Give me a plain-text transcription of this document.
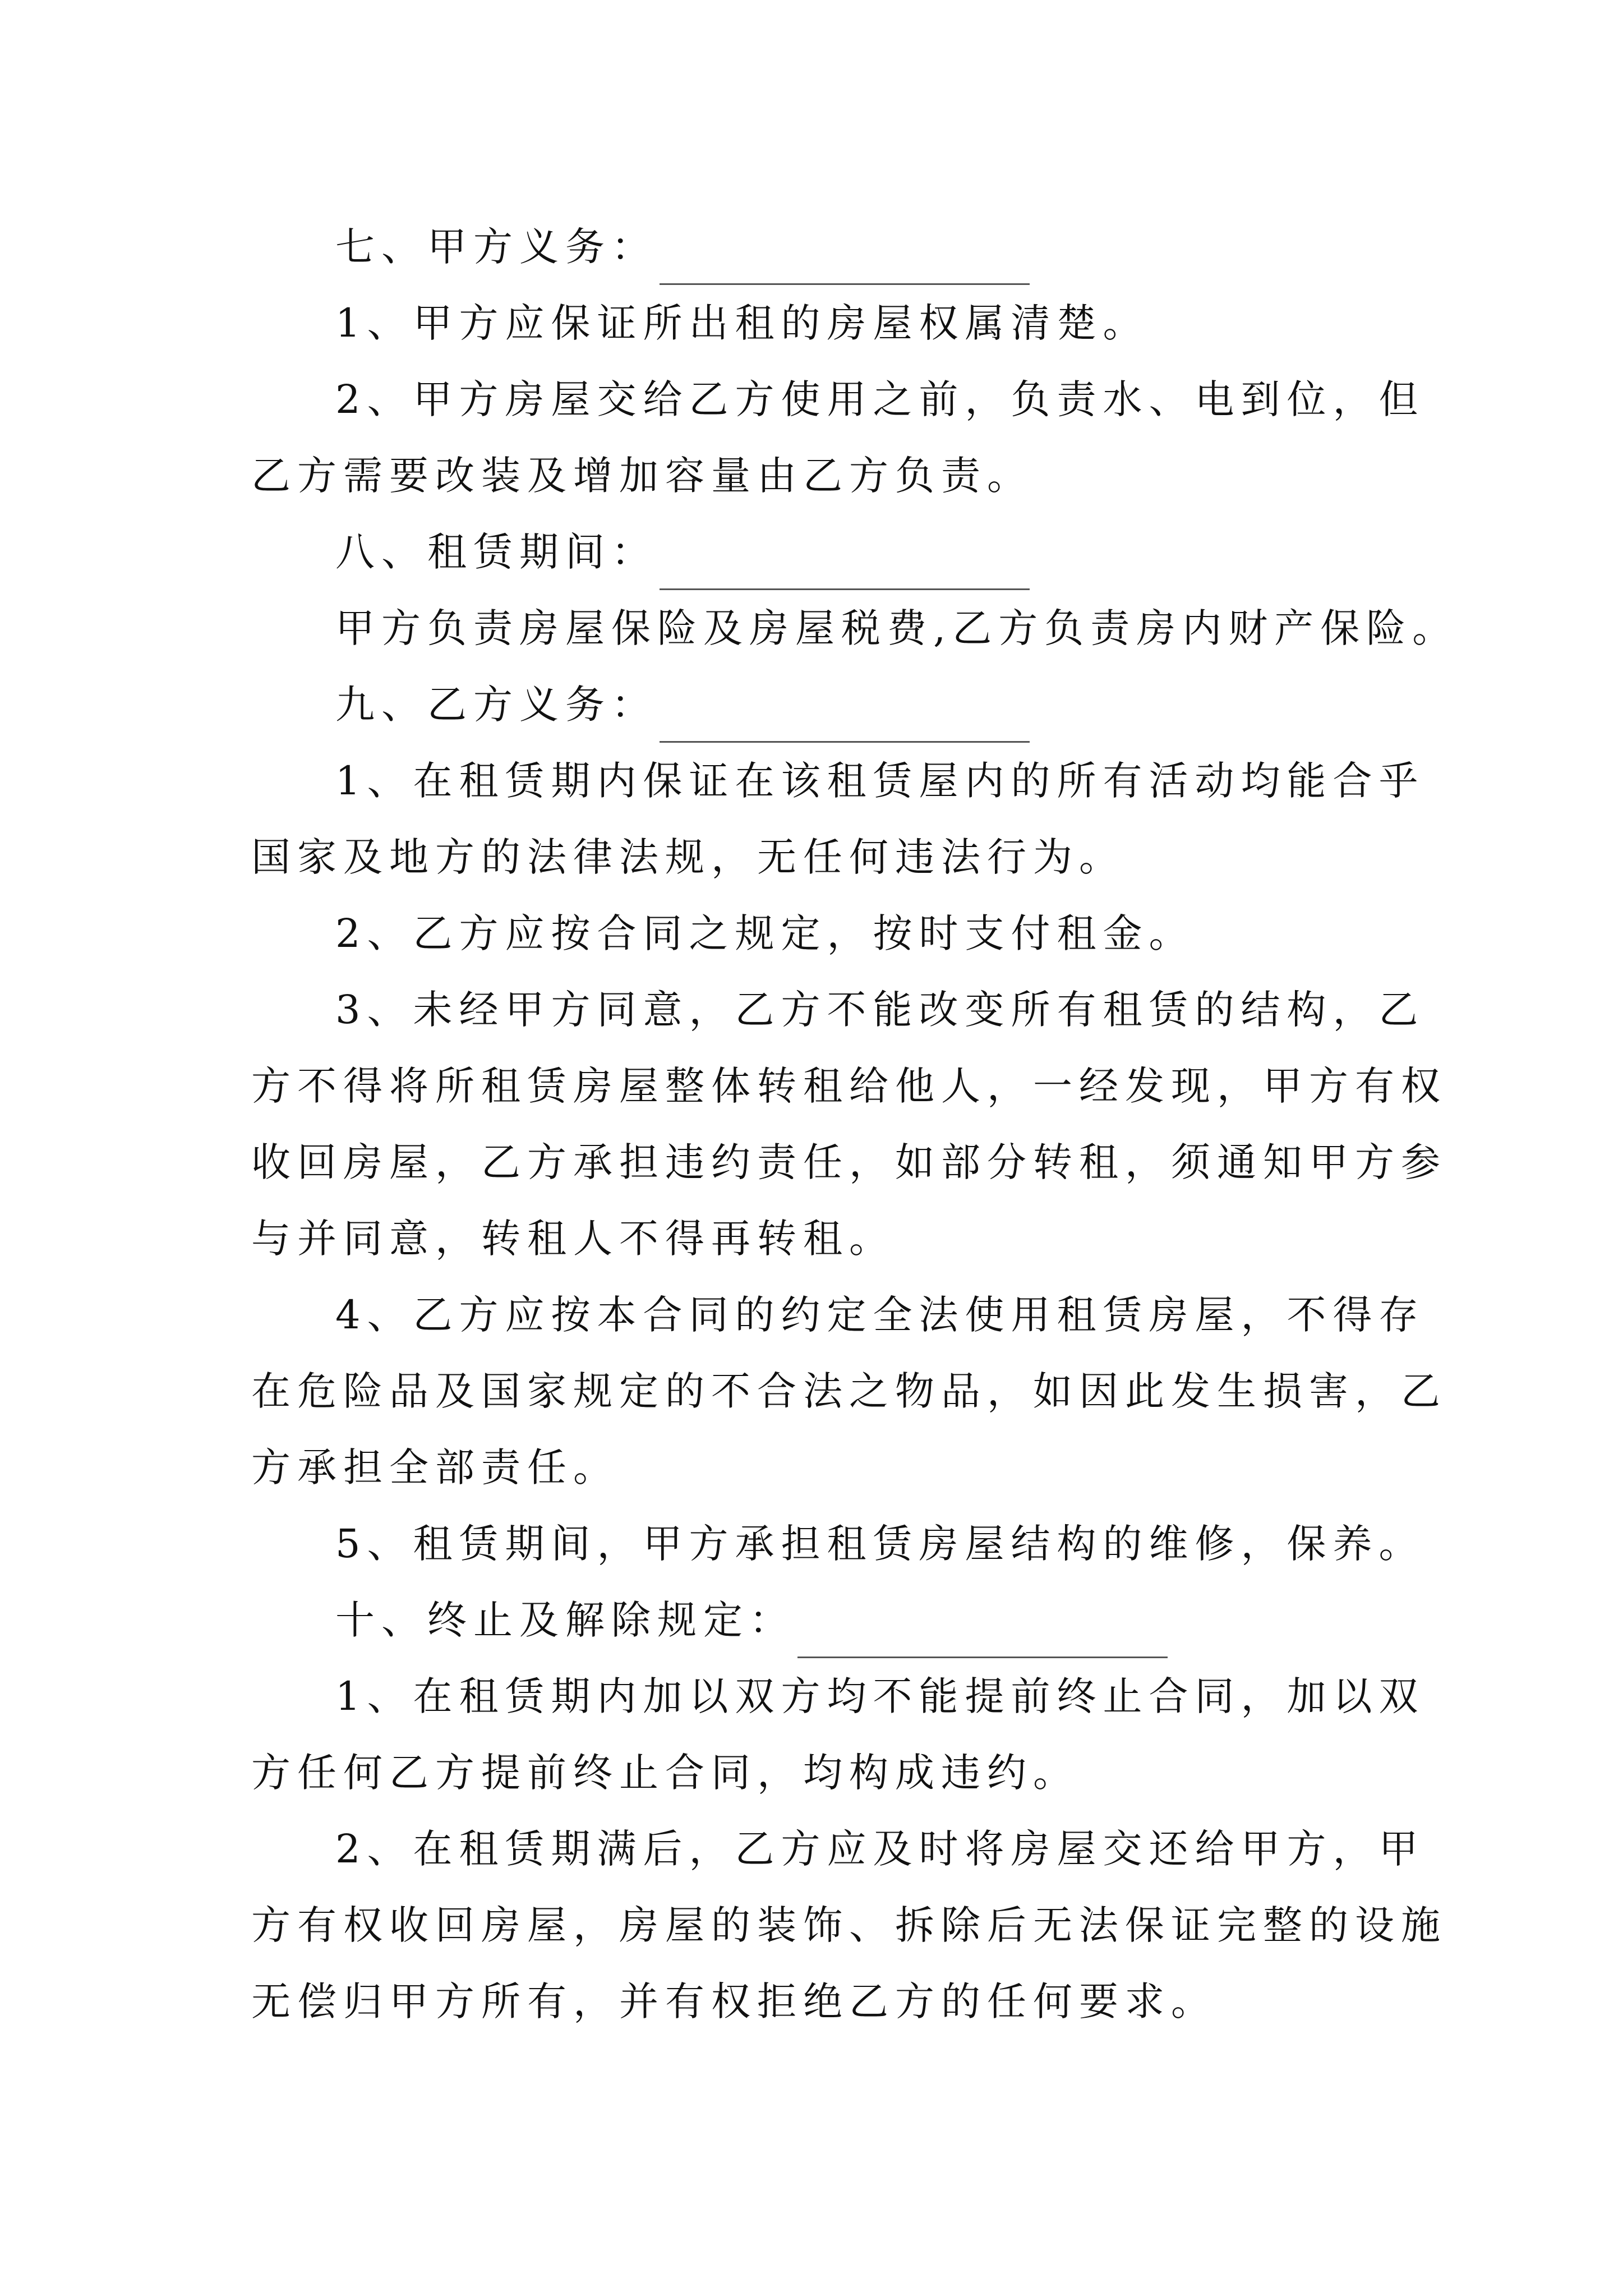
七、甲方义务：
1、甲方应保证所出租的房屋权属清楚。
2、甲方房屋交给乙方使用之前，负责水、电到位，但
乙方需要改装及增加容量由乙方负责。
八、租赁期间：
甲方负责房屋保险及房屋税费,乙方负责房内财产保险。
九、乙方义务：
1、在租赁期内保证在该租赁屋内的所有活动均能合乎
国家及地方的法律法规，无任何违法行为。
2、乙方应按合同之规定，按时支付租金。
3、未经甲方同意，乙方不能改变所有租赁的结构，乙
方不得将所租赁房屋整体转租给他人，一经发现，甲方有权
收回房屋，乙方承担违约责任，如部分转租，须通知甲方参
与并同意，转租人不得再转租。
4、乙方应按本合同的约定全法使用租赁房屋，不得存
在危险品及国家规定的不合法之物品，如因此发生损害，乙
方承担全部责任。
5、租赁期间，甲方承担租赁房屋结构的维修，保养。
十、终止及解除规定：
1、在租赁期内加以双方均不能提前终止合同，加以双
方任何乙方提前终止合同，均构成违约。
2、在租赁期满后，乙方应及时将房屋交还给甲方，甲
方有权收回房屋，房屋的装饰、拆除后无法保证完整的设施
无偿归甲方所有，并有权拒绝乙方的任何要求。
